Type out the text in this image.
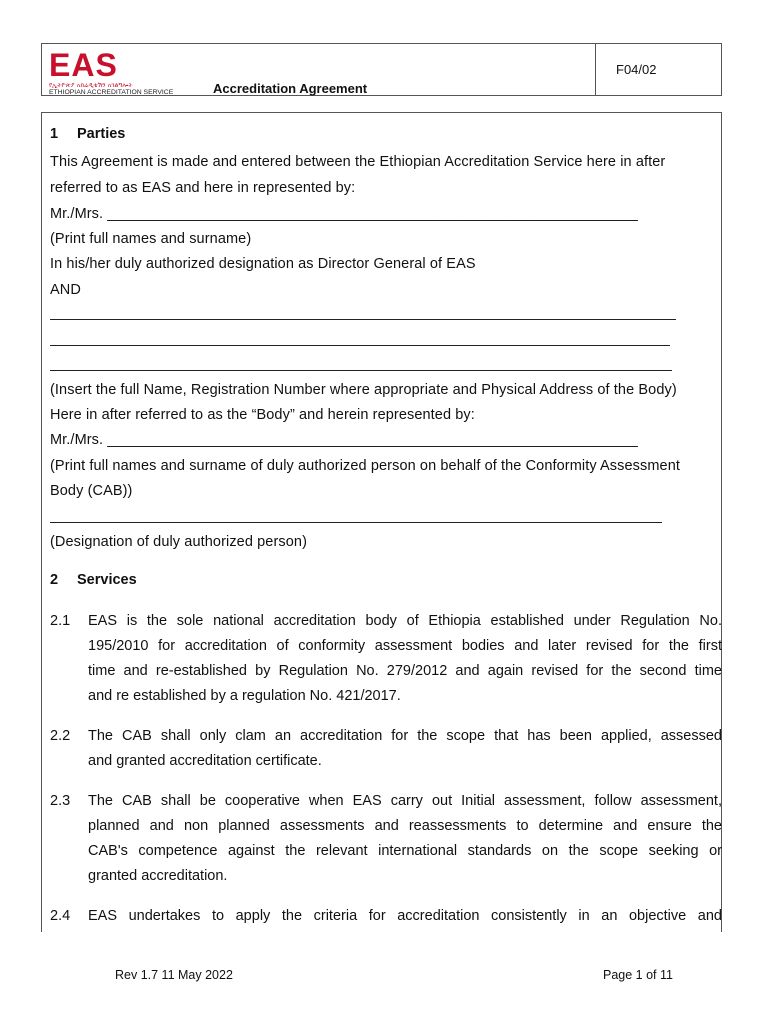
EAS
የኢትዮጵያ አክሬዲቴሽን አገልግሎት
ETHIOPIAN ACCREDITATION SERVICE	Accreditation Agreement
F04/02
1 Parties
This Agreement is made and entered between the Ethiopian Accreditation Service here in after
referred to as EAS and here in represented by:
Mr./Mrs. _________________________________________________________________
(Print full names and surname)
In his/her duly authorized designation as Director General of EAS
AND
(Insert the full Name, Registration Number where appropriate and Physical Address of the Body)
Here in after referred to as the “Body” and herein represented by:
Mr./Mrs. _________________________________________________________________
(Print full names and surname of duly authorized person on behalf of the Conformity Assessment
Body (CAB))
(Designation of duly authorized person)
2 Services
2.1 EAS is the sole national accreditation body of Ethiopia established under Regulation No.
195/2010 for accreditation of conformity assessment bodies and later revised for the first
time and re-established by Regulation No. 279/2012 and again revised for the second time
and re established by a regulation No. 421/2017.
2.2 The CAB shall only clam an accreditation for the scope that has been applied, assessed
and granted accreditation certificate.
2.3 The CAB shall be cooperative when EAS carry out Initial assessment, follow assessment,
planned and non planned assessments and reassessments to determine and ensure the
CAB's competence against the relevant international standards on the scope seeking or
granted accreditation.
2.4 EAS undertakes to apply the criteria for accreditation consistently in an objective and
Rev 1.7 11 May 2022	Page 1 of 11
